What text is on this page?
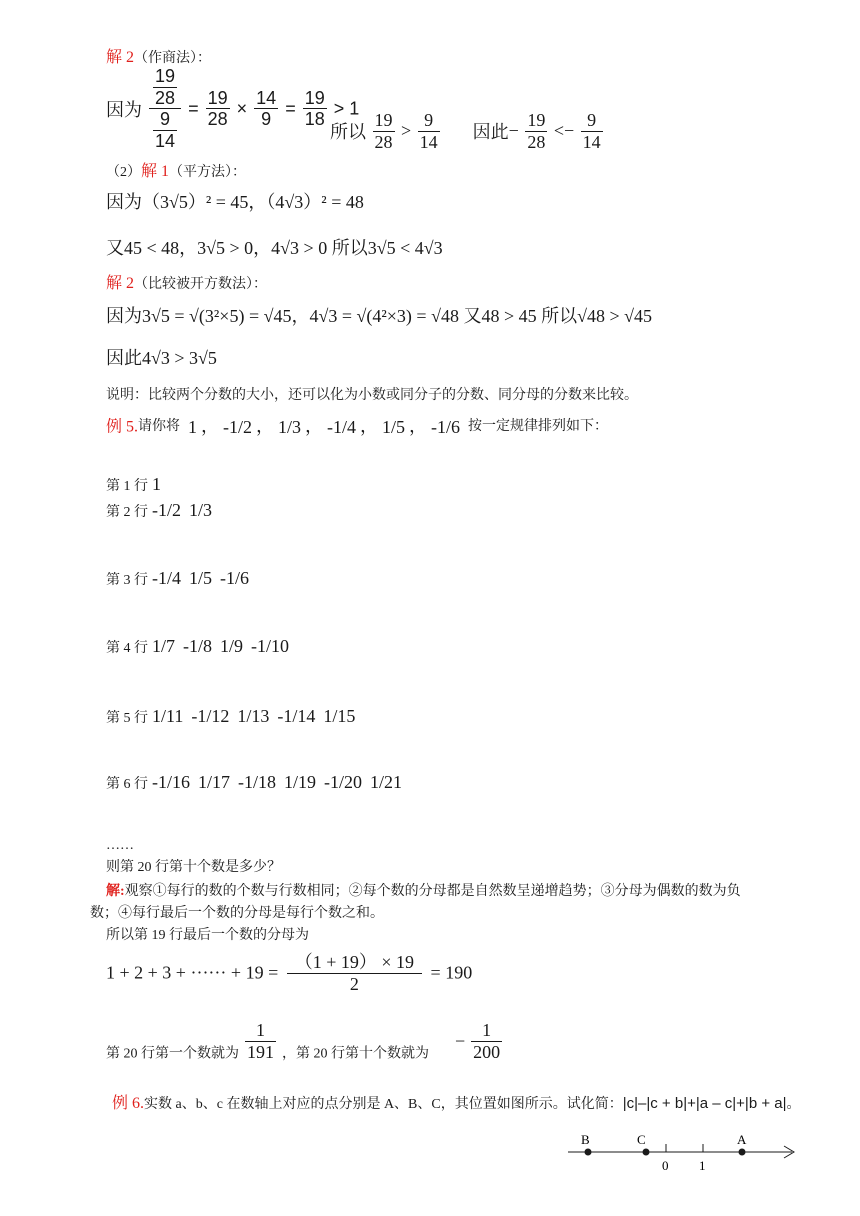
解 2（作商法）：
因为 $\frac{\frac{19}{28}}{\frac{9}{14}} = \frac{19}{28} \times \frac{14}{9} = \frac{19}{18} > 1$
所以 $\frac{19}{28} > \frac{9}{14}$ 因此− $\frac{19}{28} <- \frac{9}{14}$
（2）解 1（平方法）：
因为（3√5）² = 45，（4√3）² = 48
又45 < 48，3√5 > 0，4√3 > 0 所以3√5 < 4√3
解 2（比较被开方数法）：
因为3√5 = √(3²×5) = √45，4√3 = √(4²×3) = √48 又48 > 45 所以√48 > √45
因此4√3 > 3√5
说明：比较两个分数的大小，还可以化为小数或同分子的分数、同分母的分数来比较。
例 5.请你将 1 ， -1/2 ， 1/3 ， -1/4 ， 1/5 ， -1/6 按一定规律排列如下：
第 1 行 1
第 2 行 -1/2 1/3
第 3 行 -1/4 1/5 -1/6
第 4 行 1/7 -1/8 1/9 -1/10
第 5 行 1/11 -1/12 1/13 -1/14 1/15
第 6 行 -1/16 1/17 -1/18 1/19 -1/20 1/21
……
则第 20 行第十个数是多少？
解:观察①每行的数的个数与行数相同；②每个数的分母都是自然数呈递增趋势；③分母为偶数的数为负
数；④每行最后一个数的分母是每行个数之和。
所以第 19 行最后一个数的分母为
1 + 2 + 3 + ······ + $19 = \frac{(1 + 19) \times 19}{2} = 190$
第 20 行第一个数就为 $\frac{1}{191}$ ，第 20 行第十个数就为 − $\frac{1}{200}$
例 6.实数 a、b、c 在数轴上对应的点分别是 A、B、C，其位置如图所示。试化简：|c|–|c + b|+|a – c|+|b + a|。
B	C	A
0 1
